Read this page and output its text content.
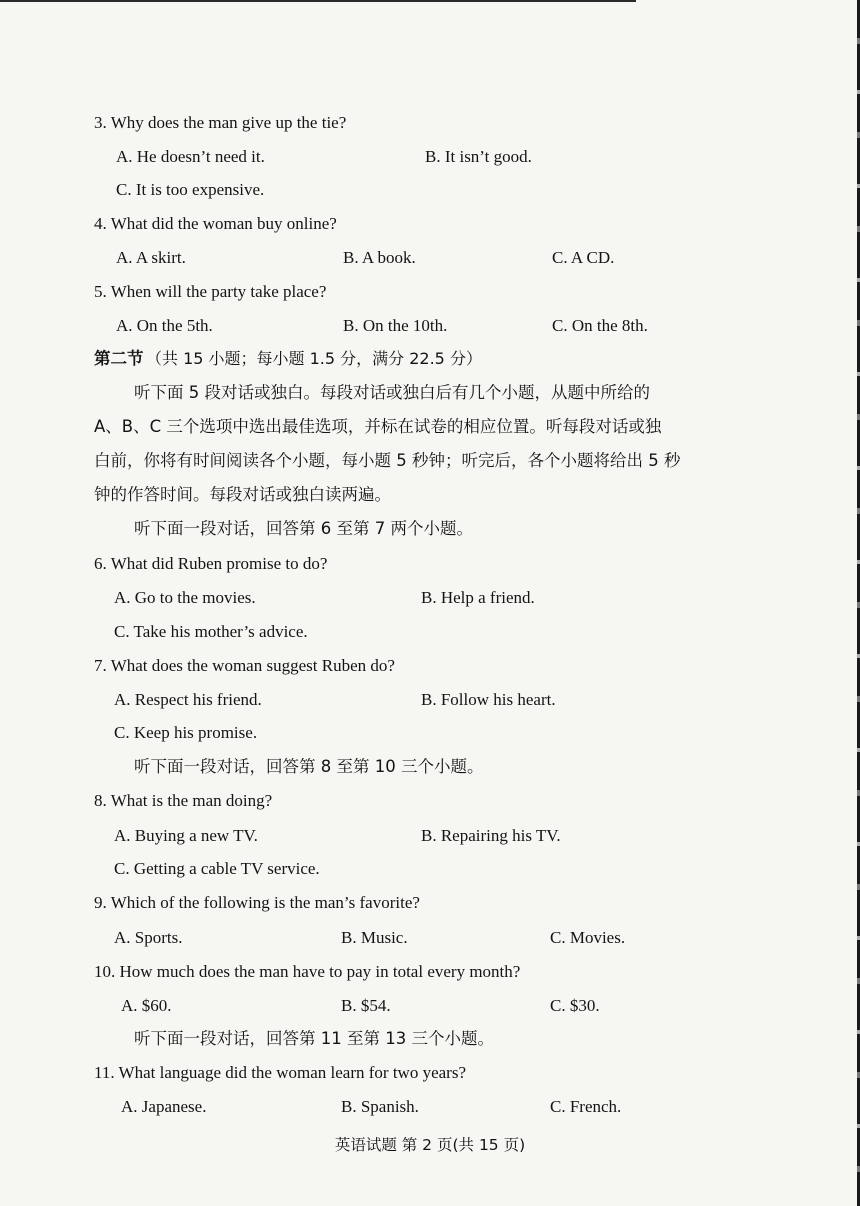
3. Why does the man give up the tie?
A. He doesn’t need it.	B. It isn’t good.
C. It is too expensive.
4. What did the woman buy online?
A. A skirt.	B. A book.	C. A CD.
5. When will the party take place?
A. On the 5th.	B. On the 10th.	C. On the 8th.
第二节 （共 15 小题；每小题 1.5 分，满分 22.5 分）
听下面 5 段对话或独白。每段对话或独白后有几个小题，从题中所给的
A、B、C 三个选项中选出最佳选项，并标在试卷的相应位置。听每段对话或独
白前，你将有时间阅读各个小题，每小题 5 秒钟；听完后，各个小题将给出 5 秒
钟的作答时间。每段对话或独白读两遍。
听下面一段对话，回答第 6 至第 7 两个小题。
6. What did Ruben promise to do?
A. Go to the movies.	B. Help a friend.
C. Take his mother’s advice.
7. What does the woman suggest Ruben do?
A. Respect his friend.	B. Follow his heart.
C. Keep his promise.
听下面一段对话，回答第 8 至第 10 三个小题。
8. What is the man doing?
A. Buying a new TV.	B. Repairing his TV.
C. Getting a cable TV service.
9. Which of the following is the man’s favorite?
A. Sports.	B. Music.	C. Movies.
10. How much does the man have to pay in total every month?
A. $60.	B. $54.	C. $30.
听下面一段对话，回答第 11 至第 13 三个小题。
11. What language did the woman learn for two years?
A. Japanese.	B. Spanish.	C. French.
英语试题 第 2 页(共 15 页)
